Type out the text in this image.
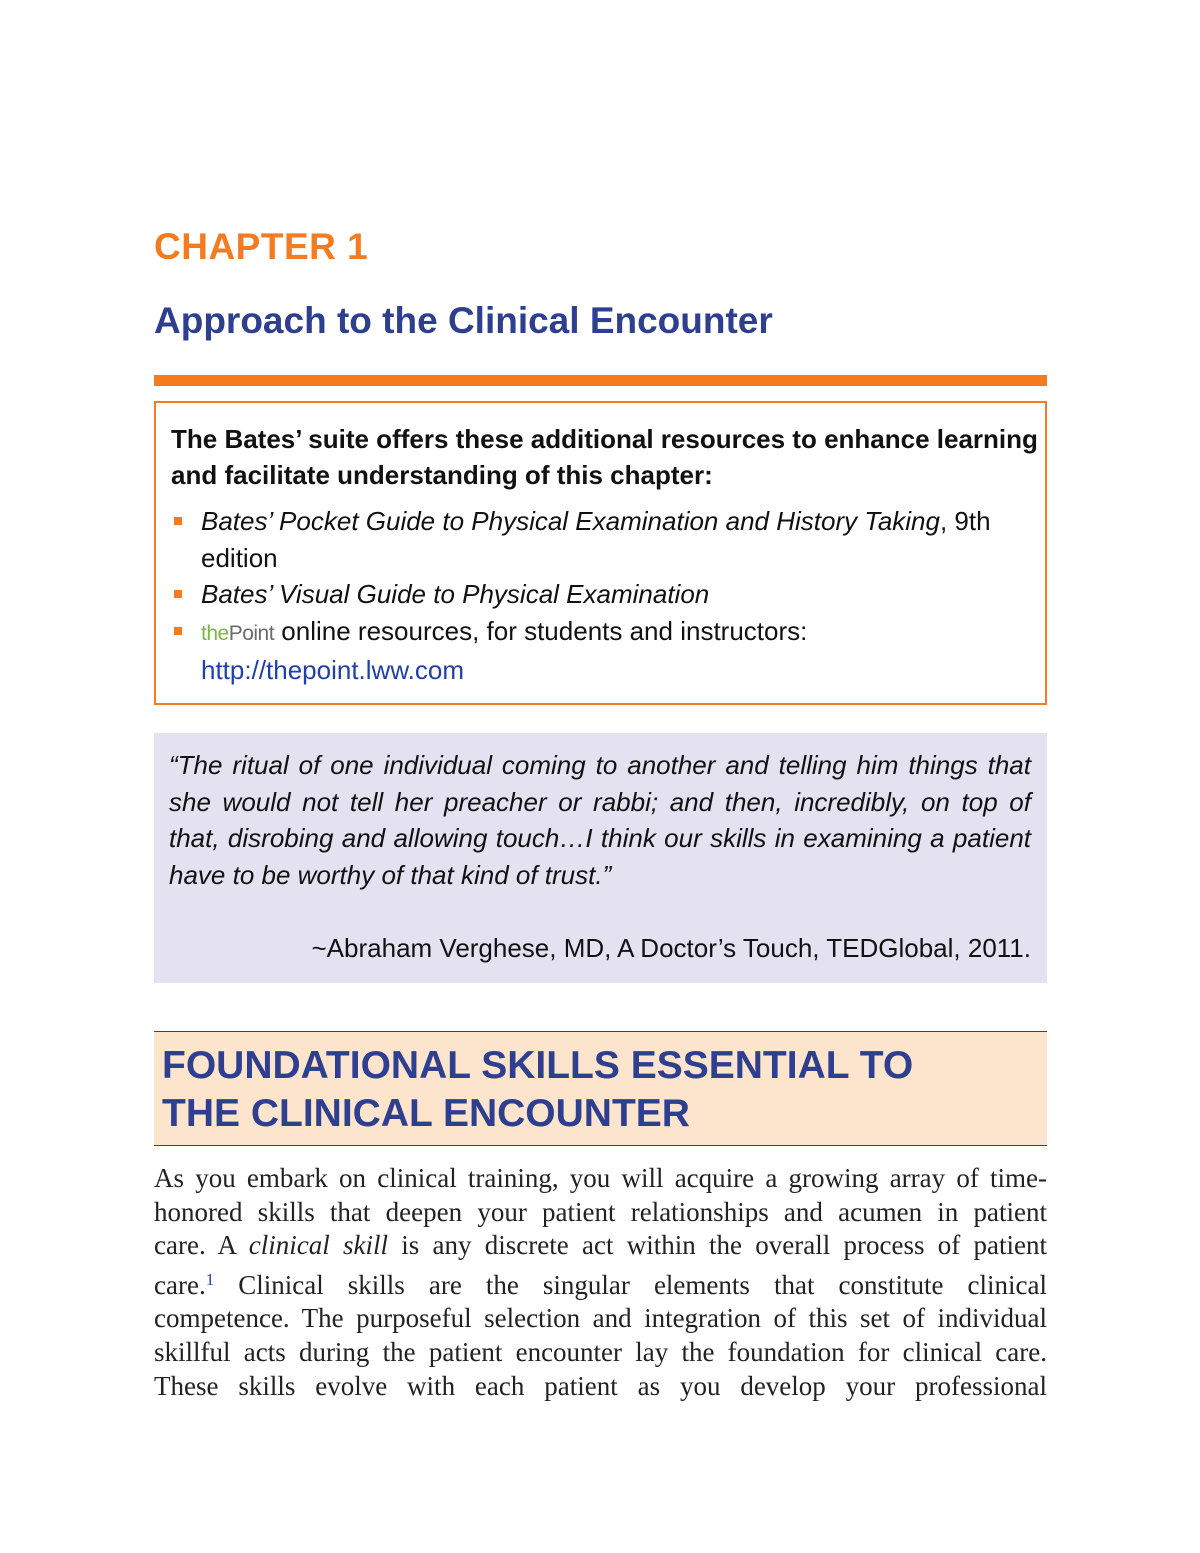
CHAPTER 1
Approach to the Clinical Encounter

The Bates’ suite offers these additional resources to enhance learning and facilitate understanding of this chapter:

Bates’ Pocket Guide to Physical Examination and History Taking, 9th edition
Bates’ Visual Guide to Physical Examination
thePoint online resources, for students and instructors:
http://thepoint.lww.com

“The ritual of one individual coming to another and telling him things that she would not tell her preacher or rabbi; and then, incredibly, on top of that, disrobing and allowing touch…I think our skills in examining a patient have to be worthy of that kind of trust.”

~Abraham Verghese, MD, A Doctor’s Touch, TEDGlobal, 2011.

FOUNDATIONAL SKILLS ESSENTIAL TO
THE CLINICAL ENCOUNTER
As you embark on clinical training, you will acquire a growing array of time-
honored skills that deepen your patient relationships and acumen in patient
care. A clinical skill is any discrete act within the overall process of patient
care.$^1$ Clinical skills are the singular elements that constitute clinical
competence. The purposeful selection and integration of this set of individual
skillful acts during the patient encounter lay the foundation for clinical care.
These skills evolve with each patient as you develop your professional
